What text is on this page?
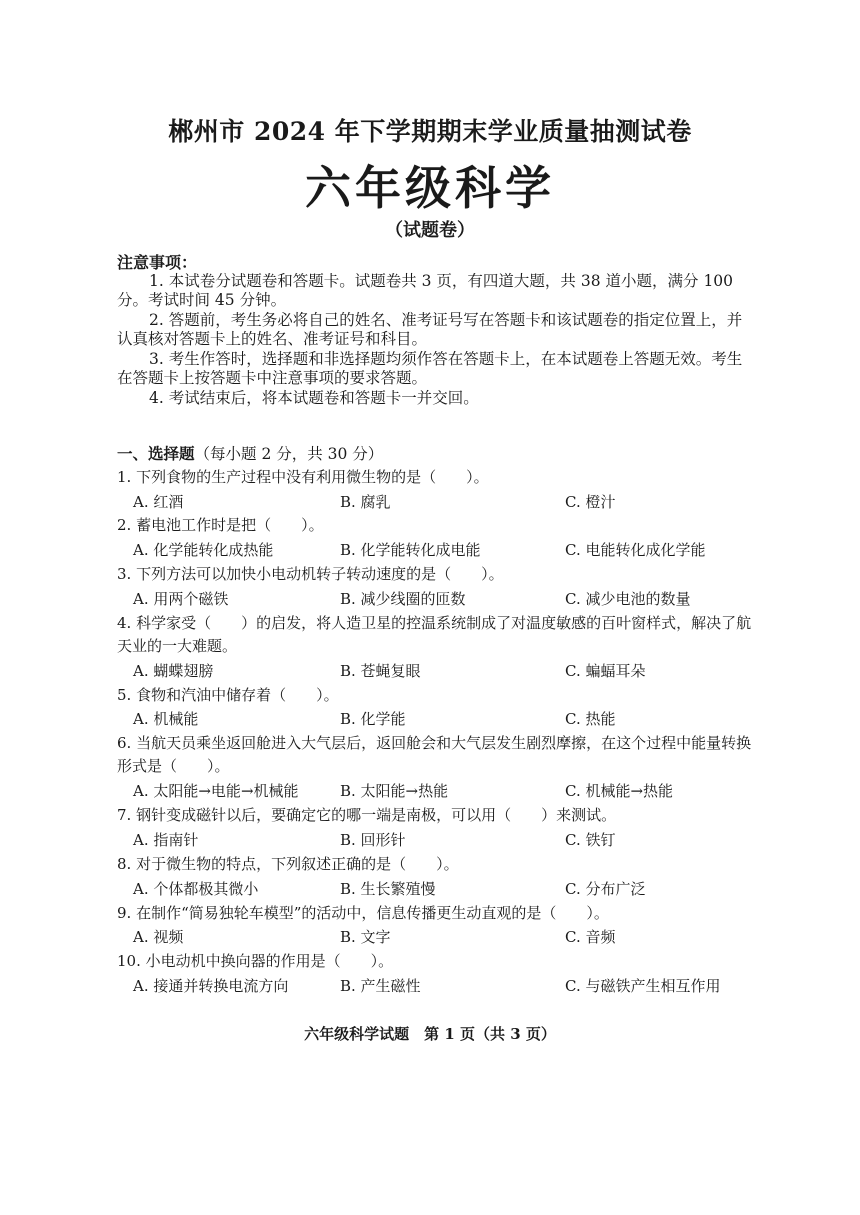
郴州市 2024 年下学期期末学业质量抽测试卷
六年级科学
（试题卷）
注意事项：

1. 本试卷分试题卷和答题卡。试题卷共 3 页，有四道大题，共 38 道小题，满分 100 分。考试时间 45 分钟。

2. 答题前，考生务必将自己的姓名、准考证号写在答题卡和该试题卷的指定位置上，并认真核对答题卡上的姓名、准考证号和科目。

3. 考生作答时，选择题和非选择题均须作答在答题卡上，在本试题卷上答题无效。考生在答题卡上按答题卡中注意事项的要求答题。

4. 考试结束后，将本试题卷和答题卡一并交回。

一、选择题（每小题 2 分，共 30 分）

1. 下列食物的生产过程中没有利用微生物的是（　　）。

A. 红酒	B. 腐乳	C. 橙汁

2. 蓄电池工作时是把（　　）。

A. 化学能转化成热能	B. 化学能转化成电能	C. 电能转化成化学能

3. 下列方法可以加快小电动机转子转动速度的是（　　）。

A. 用两个磁铁	B. 减少线圈的匝数	C. 减少电池的数量

4. 科学家受（　　）的启发，将人造卫星的控温系统制成了对温度敏感的百叶窗样式，解决了航天业的一大难题。

A. 蝴蝶翅膀	B. 苍蝇复眼	C. 蝙蝠耳朵

5. 食物和汽油中储存着（　　）。

A. 机械能	B. 化学能	C. 热能

6. 当航天员乘坐返回舱进入大气层后，返回舱会和大气层发生剧烈摩擦，在这个过程中能量转换形式是（　　）。

A. 太阳能→电能→机械能	B. 太阳能→热能	C. 机械能→热能

7. 钢针变成磁针以后，要确定它的哪一端是南极，可以用（　　）来测试。

A. 指南针	B. 回形针	C. 铁钉

8. 对于微生物的特点，下列叙述正确的是（　　）。

A. 个体都极其微小	B. 生长繁殖慢	C. 分布广泛

9. 在制作“简易独轮车模型”的活动中，信息传播更生动直观的是（　　）。

A. 视频	B. 文字	C. 音频

10. 小电动机中换向器的作用是（　　）。

A. 接通并转换电流方向	B. 产生磁性	C. 与磁铁产生相互作用
六年级科学试题　第 1 页（共 3 页）
